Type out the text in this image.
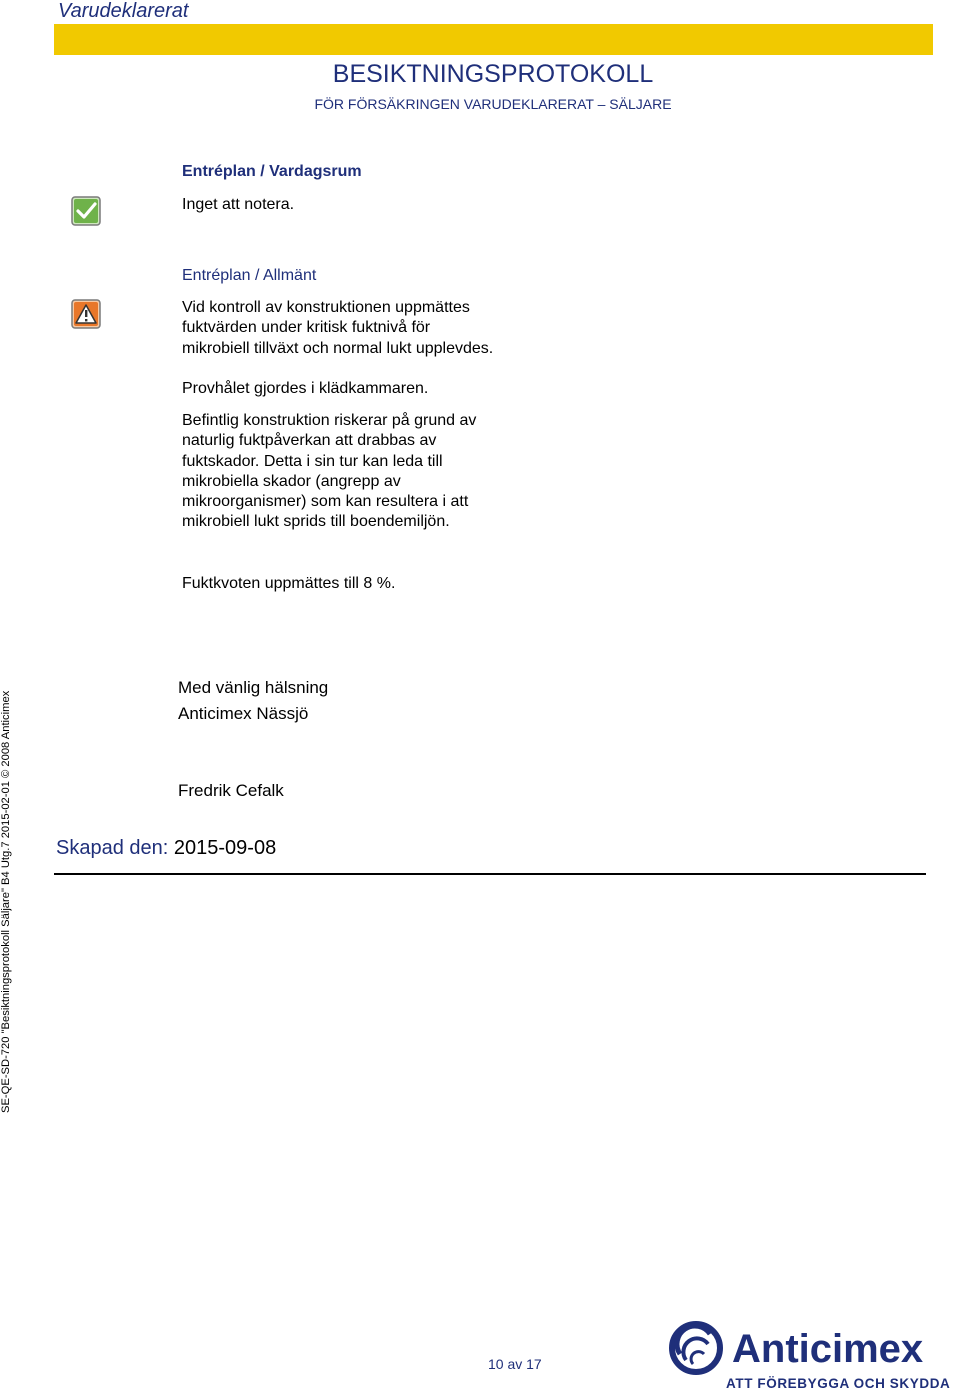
Varudeklarerat
BESIKTNINGSPROTOKOLL
FÖR FÖRSÄKRINGEN VARUDEKLARERAT – SÄLJARE
Entréplan / Vardagsrum
Inget att notera.
Entréplan / Allmänt
Vid kontroll av konstruktionen uppmättes
fuktvärden under kritisk fuktnivå för
mikrobiell tillväxt och normal lukt upplevdes.
Provhålet gjordes i klädkammaren.
Befintlig konstruktion riskerar på grund av
naturlig fuktpåverkan att drabbas av
fuktskador. Detta i sin tur kan leda till
mikrobiella skador (angrepp av
mikroorganismer) som kan resultera i att
mikrobiell lukt sprids till boendemiljön.
Fuktkvoten uppmättes till 8 %.
Med vänlig hälsning
Anticimex Nässjö
Fredrik Cefalk
Skapad den: 2015-09-08
SE-QE-SD-720 "Besiktningsprotokoll Säljare" B4 Utg.7 2015-02-01 © 2008 Anticimex
10 av 17	Anticimex
ATT FÖREBYGGA OCH SKYDDA
